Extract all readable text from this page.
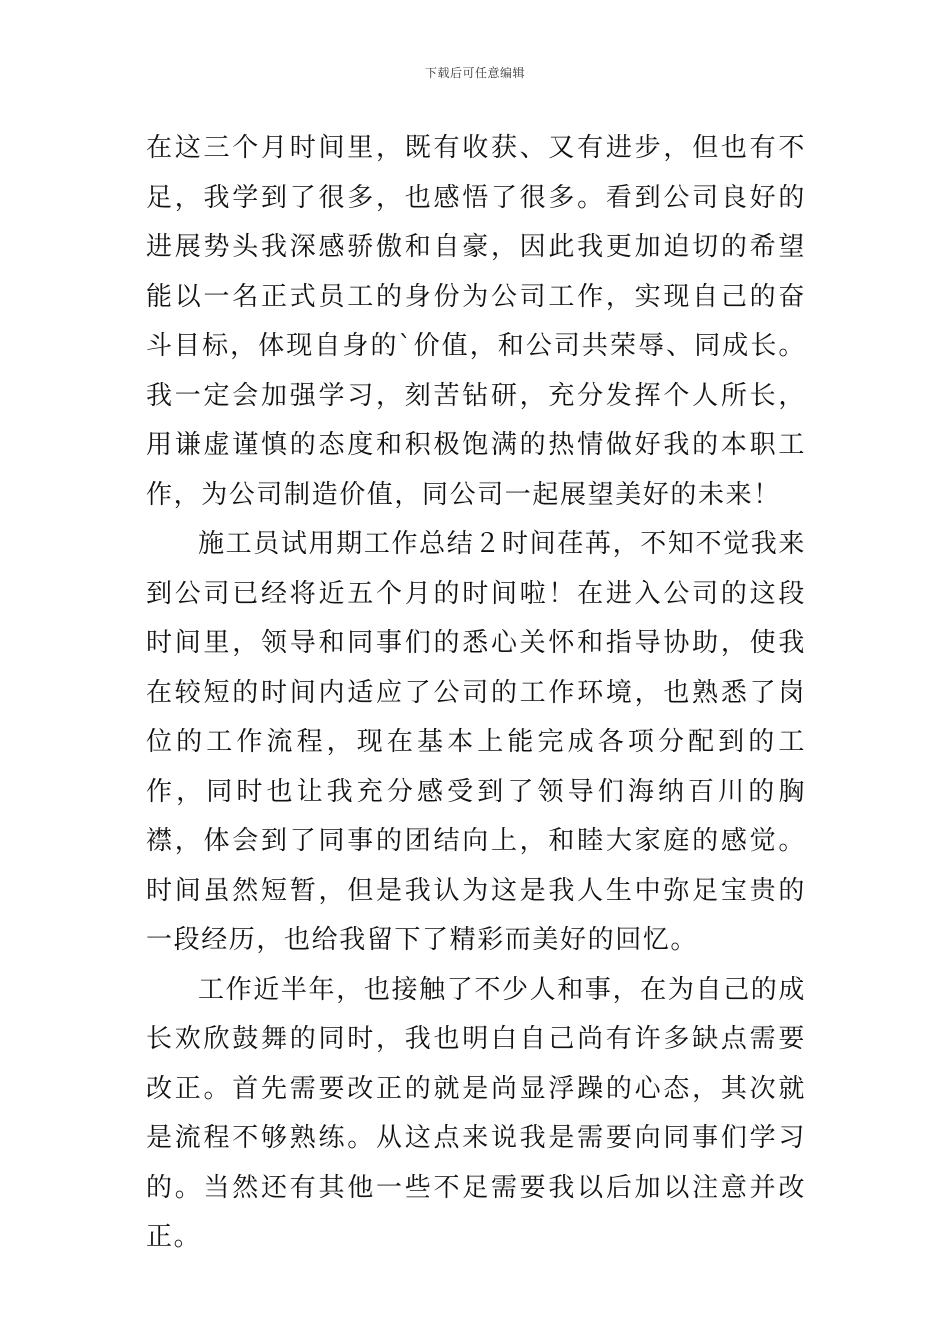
下载后可任意编辑

在这三个月时间里，既有收获、又有进步，但也有不足，我学到了很多，也感悟了很多。看到公司良好的进展势头我深感骄傲和自豪，因此我更加迫切的希望能以一名正式员工的身份为公司工作，实现自己的奋斗目标，体现自身的`价值，和公司共荣辱、同成长。我一定会加强学习，刻苦钻研，充分发挥个人所长，用谦虚谨慎的态度和积极饱满的热情做好我的本职工作，为公司制造价值，同公司一起展望美好的未来！

施工员试用期工作总结２时间荏苒，不知不觉我来到公司已经将近五个月的时间啦！在进入公司的这段时间里，领导和同事们的悉心关怀和指导协助，使我在较短的时间内适应了公司的工作环境，也熟悉了岗位的工作流程，现在基本上能完成各项分配到的工作，同时也让我充分感受到了领导们海纳百川的胸襟，体会到了同事的团结向上，和睦大家庭的感觉。时间虽然短暂，但是我认为这是我人生中弥足宝贵的一段经历，也给我留下了精彩而美好的回忆。

工作近半年，也接触了不少人和事，在为自己的成长欢欣鼓舞的同时，我也明白自己尚有许多缺点需要改正。首先需要改正的就是尚显浮躁的心态，其次就是流程不够熟练。从这点来说我是需要向同事们学习的。当然还有其他一些不足需要我以后加以注意并改正。
